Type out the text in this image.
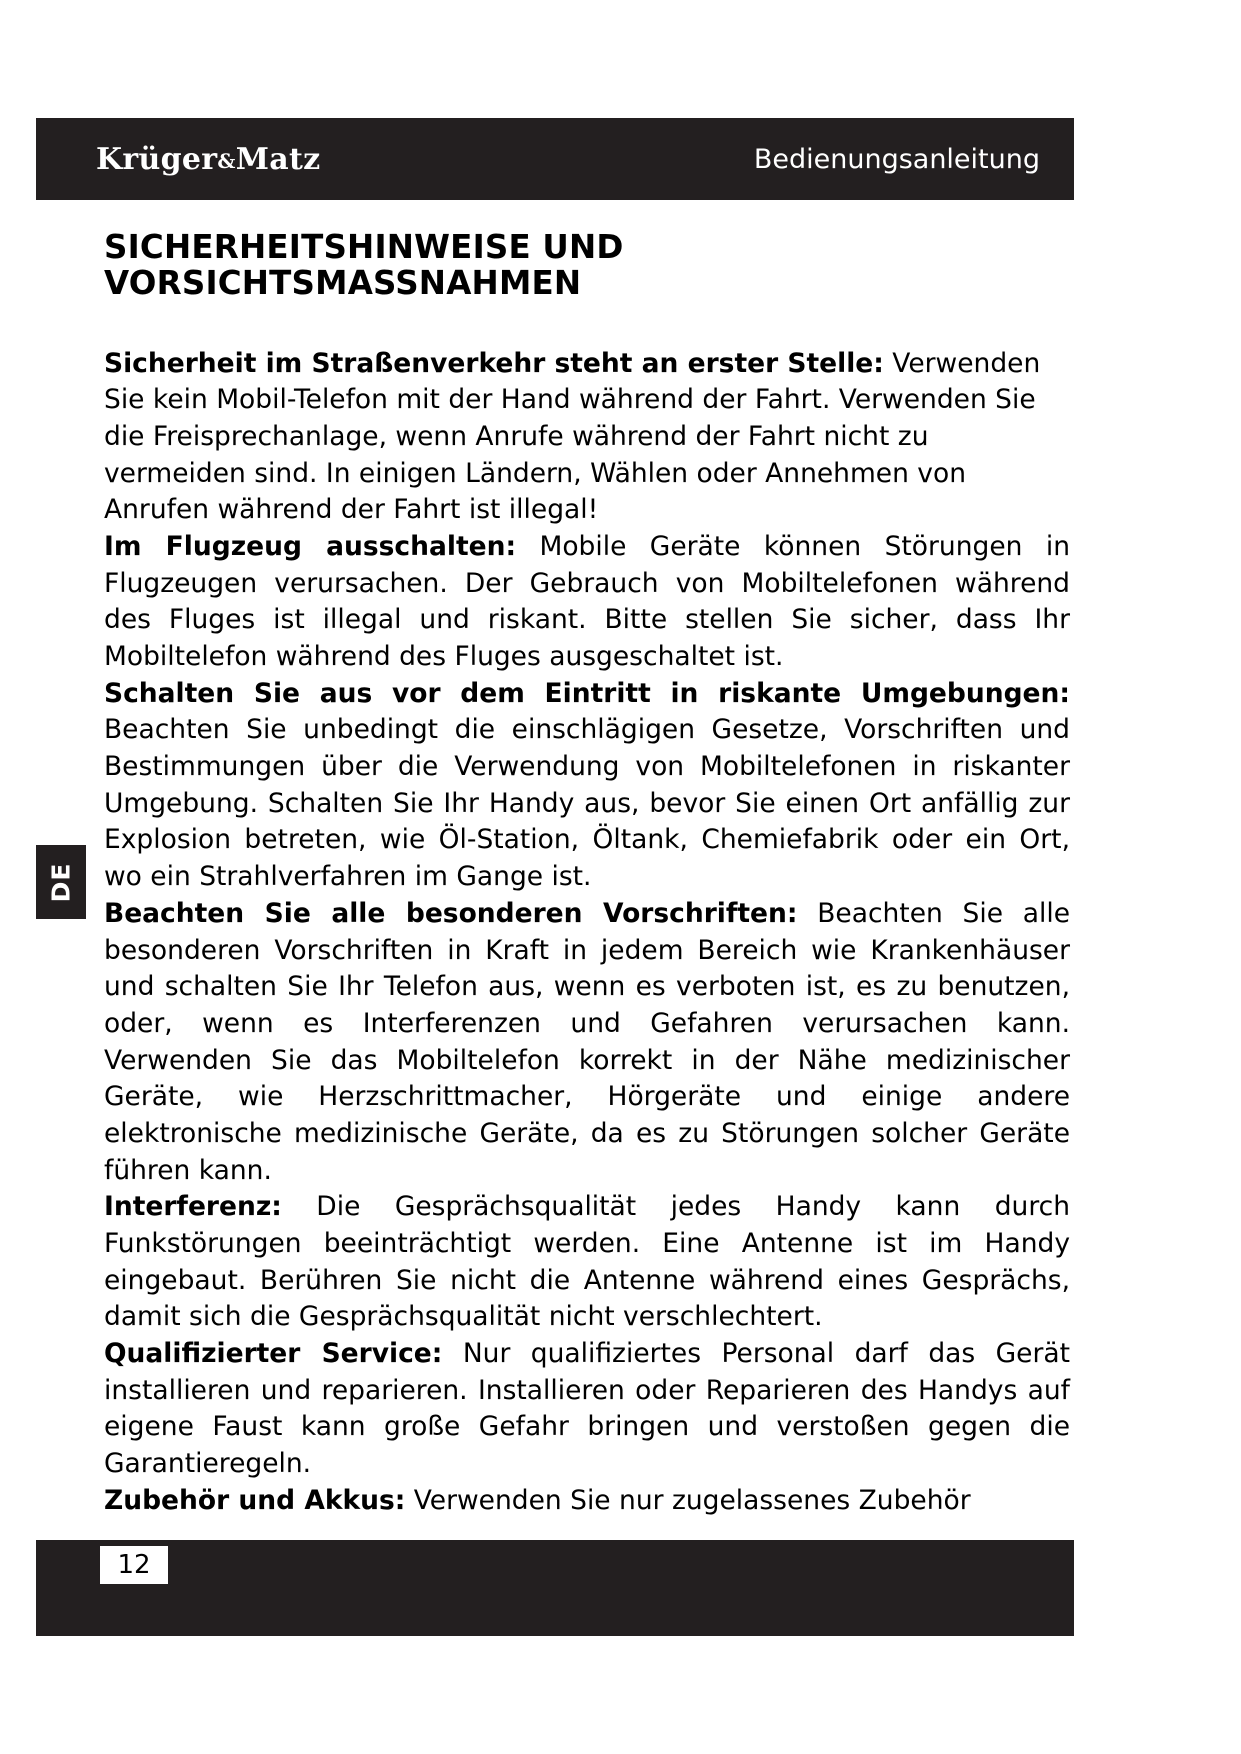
Krüger&Matz	Bedienungsanleitung
DE
SICHERHEITSHINWEISE UND VORSICHTSMASSNAHMEN

Sicherheit im Straßenverkehr steht an erster Stelle: Verwenden Sie kein Mobil-Telefon mit der Hand während der Fahrt. Verwenden Sie die Freisprechanlage, wenn Anrufe während der Fahrt nicht zu vermeiden sind. In einigen Ländern, Wählen oder Annehmen von Anrufen während der Fahrt ist illegal!

Im Flugzeug ausschalten: Mobile Geräte können Störungen in Flugzeugen verursachen. Der Gebrauch von Mobiltelefonen während des Fluges ist illegal und riskant. Bitte stellen Sie sicher, dass Ihr Mobiltelefon während des Fluges ausgeschaltet ist.

Schalten Sie aus vor dem Eintritt in riskante Umgebungen: Beachten Sie unbedingt die einschlägigen Gesetze, Vorschriften und Bestimmungen über die Verwendung von Mobiltelefonen in riskanter Umgebung. Schalten Sie Ihr Handy aus, bevor Sie einen Ort anfällig zur Explosion betreten, wie Öl-Station, Öltank, Chemiefabrik oder ein Ort, wo ein Strahlverfahren im Gange ist.

Beachten Sie alle besonderen Vorschriften: Beachten Sie alle besonderen Vorschriften in Kraft in jedem Bereich wie Krankenhäuser und schalten Sie Ihr Telefon aus, wenn es verboten ist, es zu benutzen, oder, wenn es Interferenzen und Gefahren verursachen kann. Verwenden Sie das Mobiltelefon korrekt in der Nähe medizinischer Geräte, wie Herzschrittmacher, Hörgeräte und einige andere elektronische medizinische Geräte, da es zu Störungen solcher Geräte führen kann.

Interferenz: Die Gesprächsqualität jedes Handy kann durch Funkstörungen beeinträchtigt werden. Eine Antenne ist im Handy eingebaut. Berühren Sie nicht die Antenne während eines Gesprächs, damit sich die Gesprächsqualität nicht verschlechtert.

Qualifizierter Service: Nur qualifiziertes Personal darf das Gerät installieren und reparieren. Installieren oder Reparieren des Handys auf eigene Faust kann große Gefahr bringen und verstoßen gegen die Garantieregeln.

Zubehör und Akkus: Verwenden Sie nur zugelassenes Zubehör

12
